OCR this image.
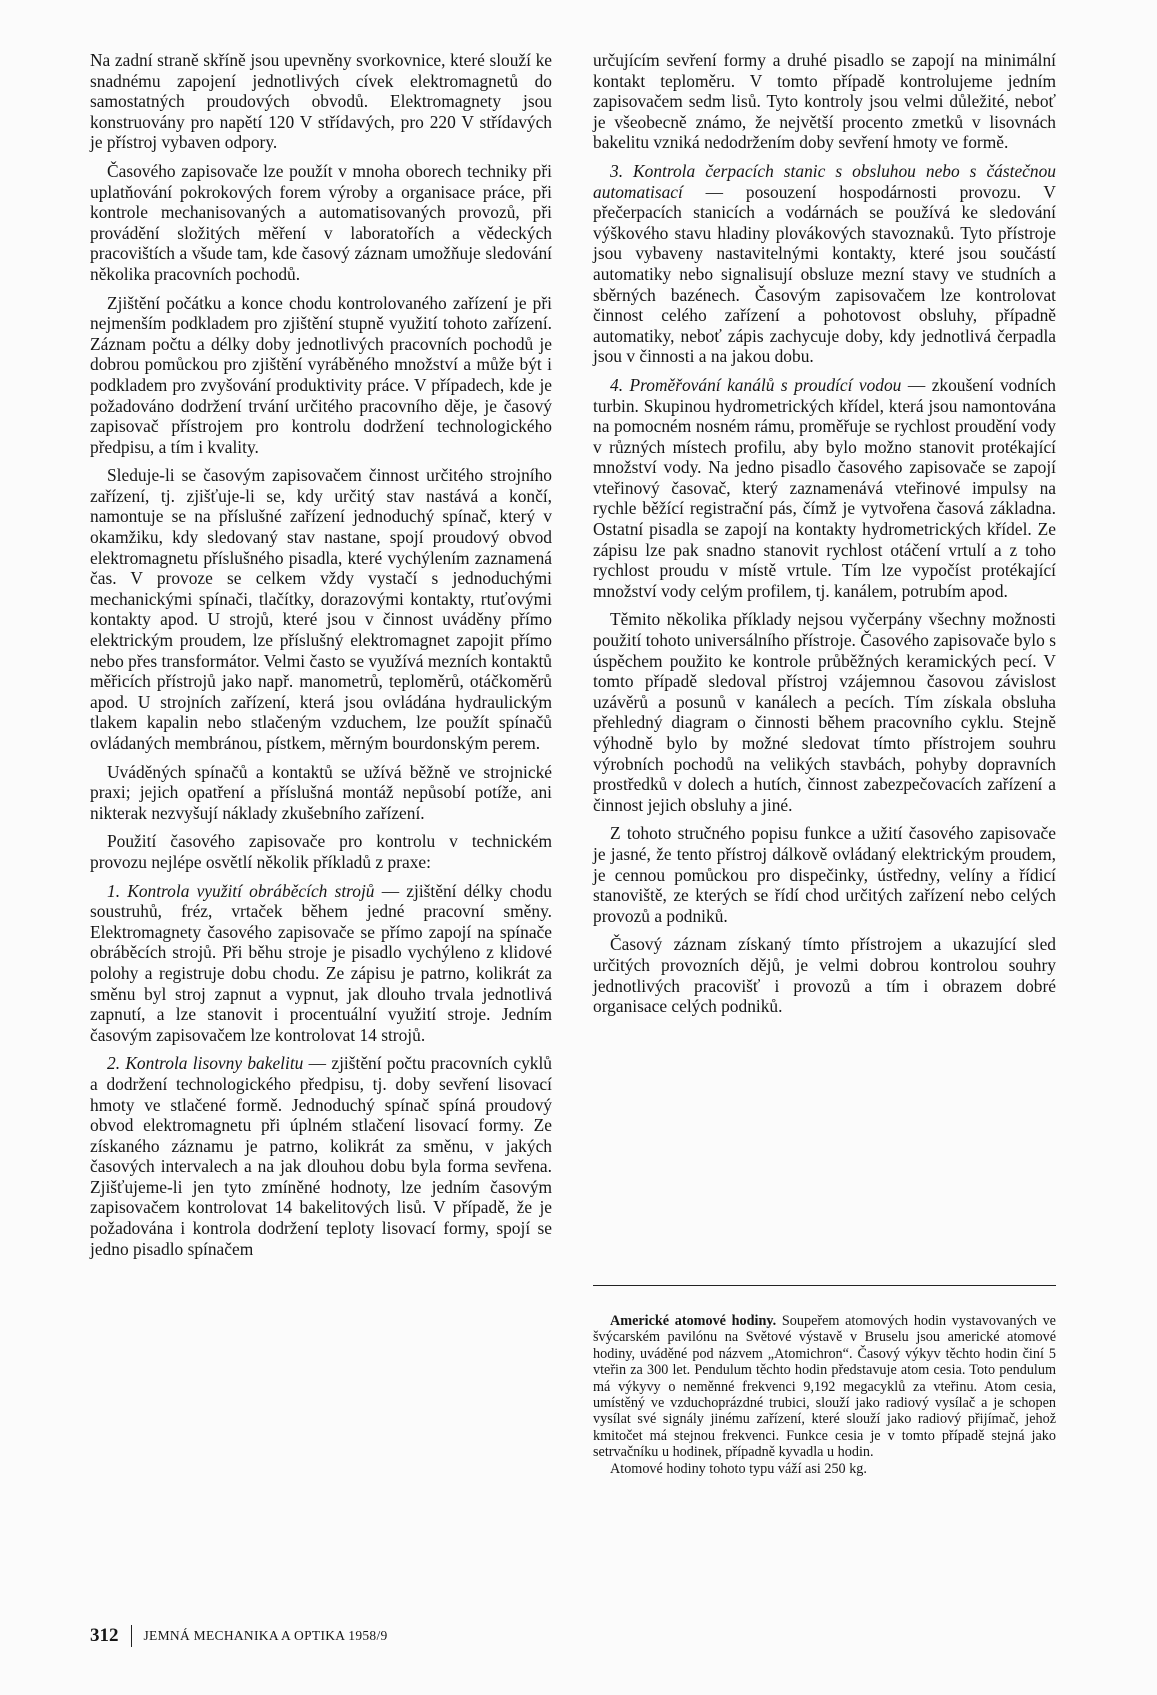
Na zadní straně skříně jsou upevněny svorkovnice, které slouží ke snadnému zapojení jednotlivých cívek elektromagnetů do samostatných proudových obvodů. Elektromagnety jsou konstruovány pro napětí 120 V střídavých, pro 220 V střídavých je přístroj vybaven odpory.

Časového zapisovače lze použít v mnoha oborech techniky při uplatňování pokrokových forem výroby a organisace práce, při kontrole mechanisovaných a automatisovaných provozů, při provádění složitých měření v laboratořích a vědeckých pracovištích a všude tam, kde časový záznam umožňuje sledování několika pracovních pochodů.

Zjištění počátku a konce chodu kontrolovaného zařízení je při nejmenším podkladem pro zjištění stupně využití tohoto zařízení. Záznam počtu a délky doby jednotlivých pracovních pochodů je dobrou pomůckou pro zjištění vyráběného množství a může být i podkladem pro zvyšování produktivity práce. V případech, kde je požadováno dodržení trvání určitého pracovního děje, je časový zapisovač přístrojem pro kontrolu dodržení technologického předpisu, a tím i kvality.

Sleduje-li se časovým zapisovačem činnost určitého strojního zařízení, tj. zjišťuje-li se, kdy určitý stav nastává a končí, namontuje se na příslušné zařízení jednoduchý spínač, který v okamžiku, kdy sledovaný stav nastane, spojí proudový obvod elektromagnetu příslušného pisadla, které vychýlením zaznamená čas. V provoze se celkem vždy vystačí s jednoduchými mechanickými spínači, tlačítky, dorazovými kontakty, rtuťovými kontakty apod. U strojů, které jsou v činnost uváděny přímo elektrickým proudem, lze příslušný elektromagnet zapojit přímo nebo přes transformátor. Velmi často se využívá mezních kontaktů měřicích přístrojů jako např. manometrů, teploměrů, otáčkoměrů apod. U strojních zařízení, která jsou ovládána hydraulickým tlakem kapalin nebo stlačeným vzduchem, lze použít spínačů ovládaných membránou, pístkem, měrným bourdonským perem.

Uváděných spínačů a kontaktů se užívá běžně ve strojnické praxi; jejich opatření a příslušná montáž nepůsobí potíže, ani nikterak nezvyšují náklady zkušebního zařízení.

Použití časového zapisovače pro kontrolu v technickém provozu nejlépe osvětlí několik příkladů z praxe:

1. Kontrola využití obráběcích strojů — zjištění délky chodu soustruhů, fréz, vrtaček během jedné pracovní směny. Elektromagnety časového zapisovače se přímo zapojí na spínače obráběcích strojů. Při běhu stroje je pisadlo vychýleno z klidové polohy a registruje dobu chodu. Ze zápisu je patrno, kolikrát za směnu byl stroj zapnut a vypnut, jak dlouho trvala jednotlivá zapnutí, a lze stanovit i procentuální využití stroje. Jedním časovým zapisovačem lze kontrolovat 14 strojů.

2. Kontrola lisovny bakelitu — zjištění počtu pracovních cyklů a dodržení technologického předpisu, tj. doby sevření lisovací hmoty ve stlačené formě. Jednoduchý spínač spíná proudový obvod elektromagnetu při úplném stlačení lisovací formy. Ze získaného záznamu je patrno, kolikrát za směnu, v jakých časových intervalech a na jak dlouhou dobu byla forma sevřena. Zjišťujeme-li jen tyto zmíněné hodnoty, lze jedním časovým zapisovačem kontrolovat 14 bakelitových lisů. V případě, že je požadována i kontrola dodržení teploty lisovací formy, spojí se jedno pisadlo spínačem

určujícím sevření formy a druhé pisadlo se zapojí na minimální kontakt teploměru. V tomto případě kontrolujeme jedním zapisovačem sedm lisů. Tyto kontroly jsou velmi důležité, neboť je všeobecně známo, že největší procento zmetků v lisovnách bakelitu vzniká nedodržením doby sevření hmoty ve formě.

3. Kontrola čerpacích stanic s obsluhou nebo s částečnou automatisací — posouzení hospodárnosti provozu. V přečerpacích stanicích a vodárnách se používá ke sledování výškového stavu hladiny plovákových stavoznaků. Tyto přístroje jsou vybaveny nastavitelnými kontakty, které jsou součástí automatiky nebo signalisují obsluze mezní stavy ve studních a sběrných bazénech. Časovým zapisovačem lze kontrolovat činnost celého zařízení a pohotovost obsluhy, případně automatiky, neboť zápis zachycuje doby, kdy jednotlivá čerpadla jsou v činnosti a na jakou dobu.

4. Proměřování kanálů s proudící vodou — zkoušení vodních turbin. Skupinou hydrometrických křídel, která jsou namontována na pomocném nosném rámu, proměřuje se rychlost proudění vody v různých místech profilu, aby bylo možno stanovit protékající množství vody. Na jedno pisadlo časového zapisovače se zapojí vteřinový časovač, který zaznamenává vteřinové impulsy na rychle běžící registrační pás, čímž je vytvořena časová základna. Ostatní pisadla se zapojí na kontakty hydrometrických křídel. Ze zápisu lze pak snadno stanovit rychlost otáčení vrtulí a z toho rychlost proudu v místě vrtule. Tím lze vypočíst protékající množství vody celým profilem, tj. kanálem, potrubím apod.

Těmito několika příklady nejsou vyčerpány všechny možnosti použití tohoto universálního přístroje. Časového zapisovače bylo s úspěchem použito ke kontrole průběžných keramických pecí. V tomto případě sledoval přístroj vzájemnou časovou závislost uzávěrů a posunů v kanálech a pecích. Tím získala obsluha přehledný diagram o činnosti během pracovního cyklu. Stejně výhodně bylo by možné sledovat tímto přístrojem souhru výrobních pochodů na velikých stavbách, pohyby dopravních prostředků v dolech a hutích, činnost zabezpečovacích zařízení a činnost jejich obsluhy a jiné.

Z tohoto stručného popisu funkce a užití časového zapisovače je jasné, že tento přístroj dálkově ovládaný elektrickým proudem, je cennou pomůckou pro dispečinky, ústředny, velíny a řídicí stanoviště, ze kterých se řídí chod určitých zařízení nebo celých provozů a podniků.

Časový záznam získaný tímto přístrojem a ukazující sled určitých provozních dějů, je velmi dobrou kontrolou souhry jednotlivých pracovišť i provozů a tím i obrazem dobré organisace celých podniků.

Americké atomové hodiny. Soupeřem atomových hodin vystavovaných ve švýcarském pavilónu na Světové výstavě v Bruselu jsou americké atomové hodiny, uváděné pod názvem „Atomichron“. Časový výkyv těchto hodin činí 5 vteřin za 300 let. Pendulum těchto hodin představuje atom cesia. Toto pendulum má výkyvy o neměnné frekvenci 9,192 megacyklů za vteřinu. Atom cesia, umístěný ve vzduchoprázdné trubici, slouží jako radiový vysílač a je schopen vysílat své signály jinému zařízení, které slouží jako radiový přijímač, jehož kmitočet má stejnou frekvenci. Funkce cesia je v tomto případě stejná jako setrvačníku u hodinek, případně kyvadla u hodin.

Atomové hodiny tohoto typu váží asi 250 kg.

312 JEMNÁ MECHANIKA A OPTIKA 1958/9
